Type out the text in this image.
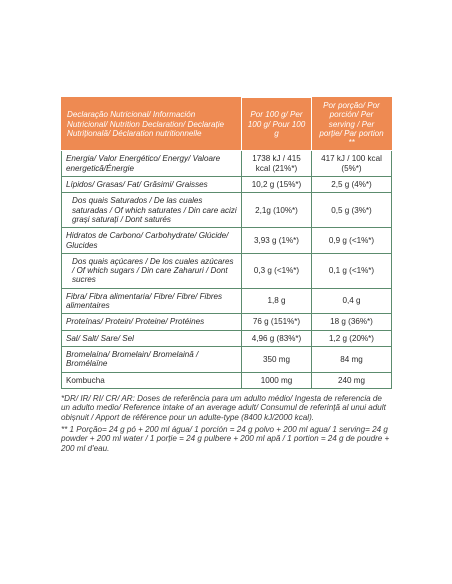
Declaração Nutricional/ Información Nutricional/ Nutrition Declaration/ Declarație Nutrițională/ Déclaration nutritionnelle	Por 100 g/ Per 100 g/ Pour 100 g	Por porção/ Por porción/ Per serving / Per porție/ Par portion **
Energia/ Valor Energético/ Energy/ Valoare energetică/Énergie	1738 kJ / 415 kcal (21%*)	417 kJ / 100 kcal (5%*)
Lípidos/ Grasas/ Fat/ Grăsimi/ Graisses	10,2 g (15%*)	2,5 g (4%*)
Dos quais Saturados / De las cuales saturadas / Of which saturates / Din care acizi grași saturați / Dont saturés	2,1g (10%*)	0,5 g (3%*)
Hidratos de Carbono/ Carbohydrate/ Glúcide/ Glucides	3,93 g (1%*)	0,9 g (<1%*)
Dos quais açúcares / De los cuales azúcares / Of which sugars / Din care Zaharuri / Dont sucres	0,3 g (<1%*)	0,1 g (<1%*)
Fibra/ Fibra alimentaria/ Fibre/ Fibre/ Fibres alimentaires	1,8 g	0,4 g
Proteínas/ Protein/ Proteine/ Protéines	76 g (151%*)	18 g (36%*)
Sal/ Salt/ Sare/ Sel	4,96 g (83%*)	1,2 g (20%*)
Bromelaína/ Bromelain/ Bromelaină / Bromélaïne	350 mg	84 mg
Kombucha	1000 mg	240 mg

*DR/ IR/ RI/ CR/ AR: Doses de referência para um adulto médio/ Ingesta de referencia de un adulto medio/ Reference intake of an average adult/ Consumul de referință al unui adult obișnuit / Apport de référence pour un adulte-type (8400 kJ/2000 kcal).

** 1 Porção= 24 g pó + 200 ml água/ 1 porción = 24 g polvo + 200 ml agua/ 1 serving= 24 g powder + 200 ml water / 1 porție = 24 g pulbere + 200 ml apă / 1 portion = 24 g de poudre + 200 ml d'eau.
